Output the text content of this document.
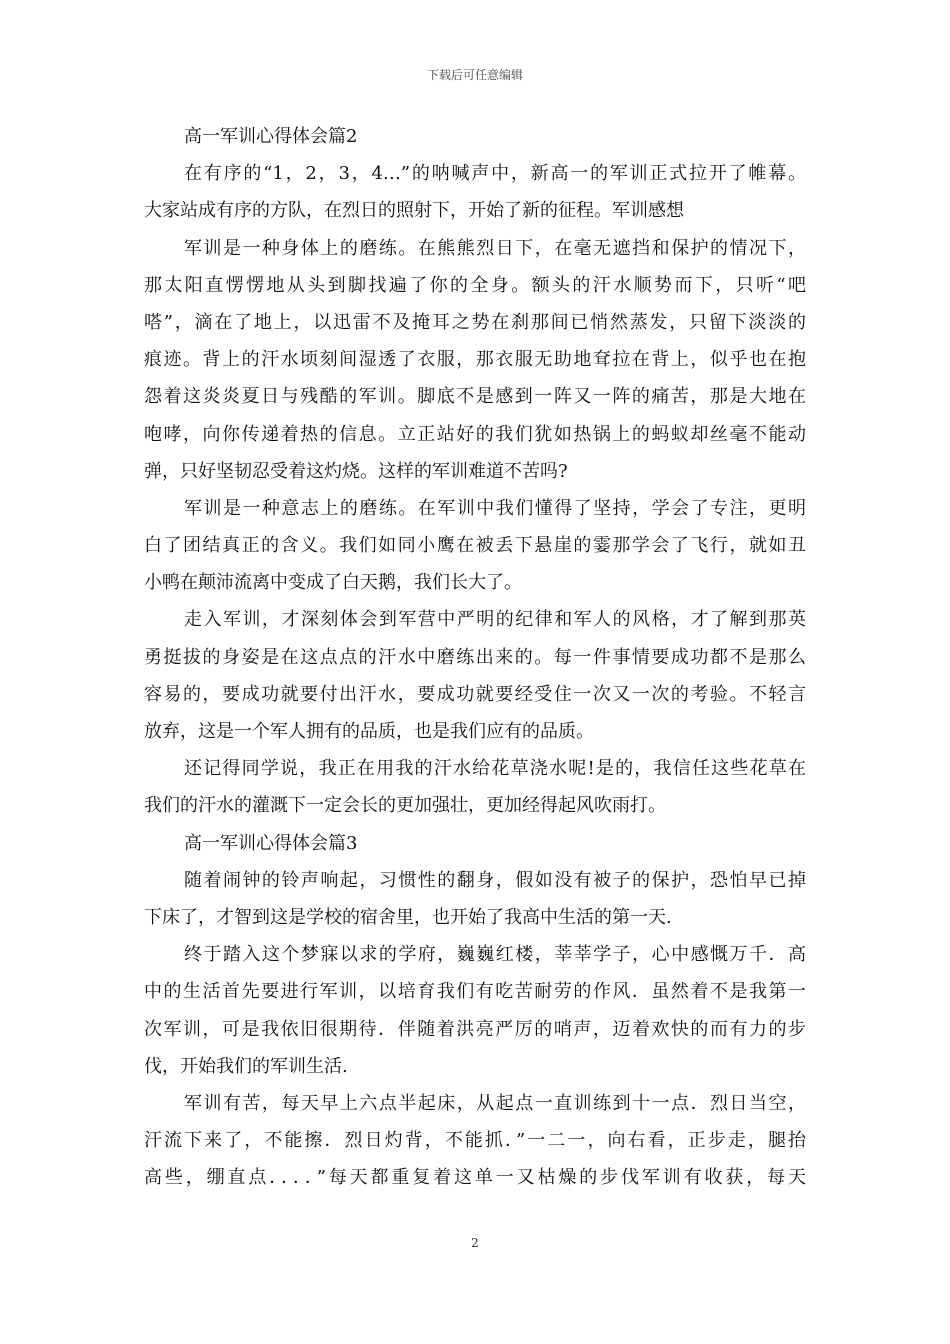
下载后可任意编辑
高一军训心得体会篇2
在有序的“1，2，3，4…”的呐喊声中，新高一的军训正式拉开了帷幕。
大家站成有序的方队，在烈日的照射下，开始了新的征程。军训感想
军训是一种身体上的磨练。在熊熊烈日下，在毫无遮挡和保护的情况下，
那太阳直愣愣地从头到脚找遍了你的全身。额头的汗水顺势而下，只听“吧
嗒”，滴在了地上，以迅雷不及掩耳之势在刹那间已悄然蒸发，只留下淡淡的
痕迹。背上的汗水顷刻间湿透了衣服，那衣服无助地耷拉在背上，似乎也在抱
怨着这炎炎夏日与残酷的军训。脚底不是感到一阵又一阵的痛苦，那是大地在
咆哮，向你传递着热的信息。立正站好的我们犹如热锅上的蚂蚁却丝毫不能动
弹，只好坚韧忍受着这灼烧。这样的军训难道不苦吗?
军训是一种意志上的磨练。在军训中我们懂得了坚持，学会了专注，更明
白了团结真正的含义。我们如同小鹰在被丢下悬崖的霎那学会了飞行，就如丑
小鸭在颠沛流离中变成了白天鹅，我们长大了。
走入军训，才深刻体会到军营中严明的纪律和军人的风格，才了解到那英
勇挺拔的身姿是在这点点的汗水中磨练出来的。每一件事情要成功都不是那么
容易的，要成功就要付出汗水，要成功就要经受住一次又一次的考验。不轻言
放弃，这是一个军人拥有的品质，也是我们应有的品质。
还记得同学说，我正在用我的汗水给花草浇水呢!是的，我信任这些花草在
我们的汗水的灌溉下一定会长的更加强壮，更加经得起风吹雨打。
高一军训心得体会篇3
随着闹钟的铃声响起，习惯性的翻身，假如没有被子的保护，恐怕早已掉
下床了，才智到这是学校的宿舍里，也开始了我高中生活的第一天.
终于踏入这个梦寐以求的学府，巍巍红楼，莘莘学子，心中感慨万千．高
中的生活首先要进行军训，以培育我们有吃苦耐劳的作风．虽然着不是我第一
次军训，可是我依旧很期待．伴随着洪亮严厉的哨声，迈着欢快的而有力的步
伐，开始我们的军训生活.
军训有苦，每天早上六点半起床，从起点一直训练到十一点．烈日当空，
汗流下来了，不能擦．烈日灼背，不能抓．”一二一，向右看，正步走，腿抬
高些，绷直点．．．．”每天都重复着这单一又枯燥的步伐军训有收获，每天
2
